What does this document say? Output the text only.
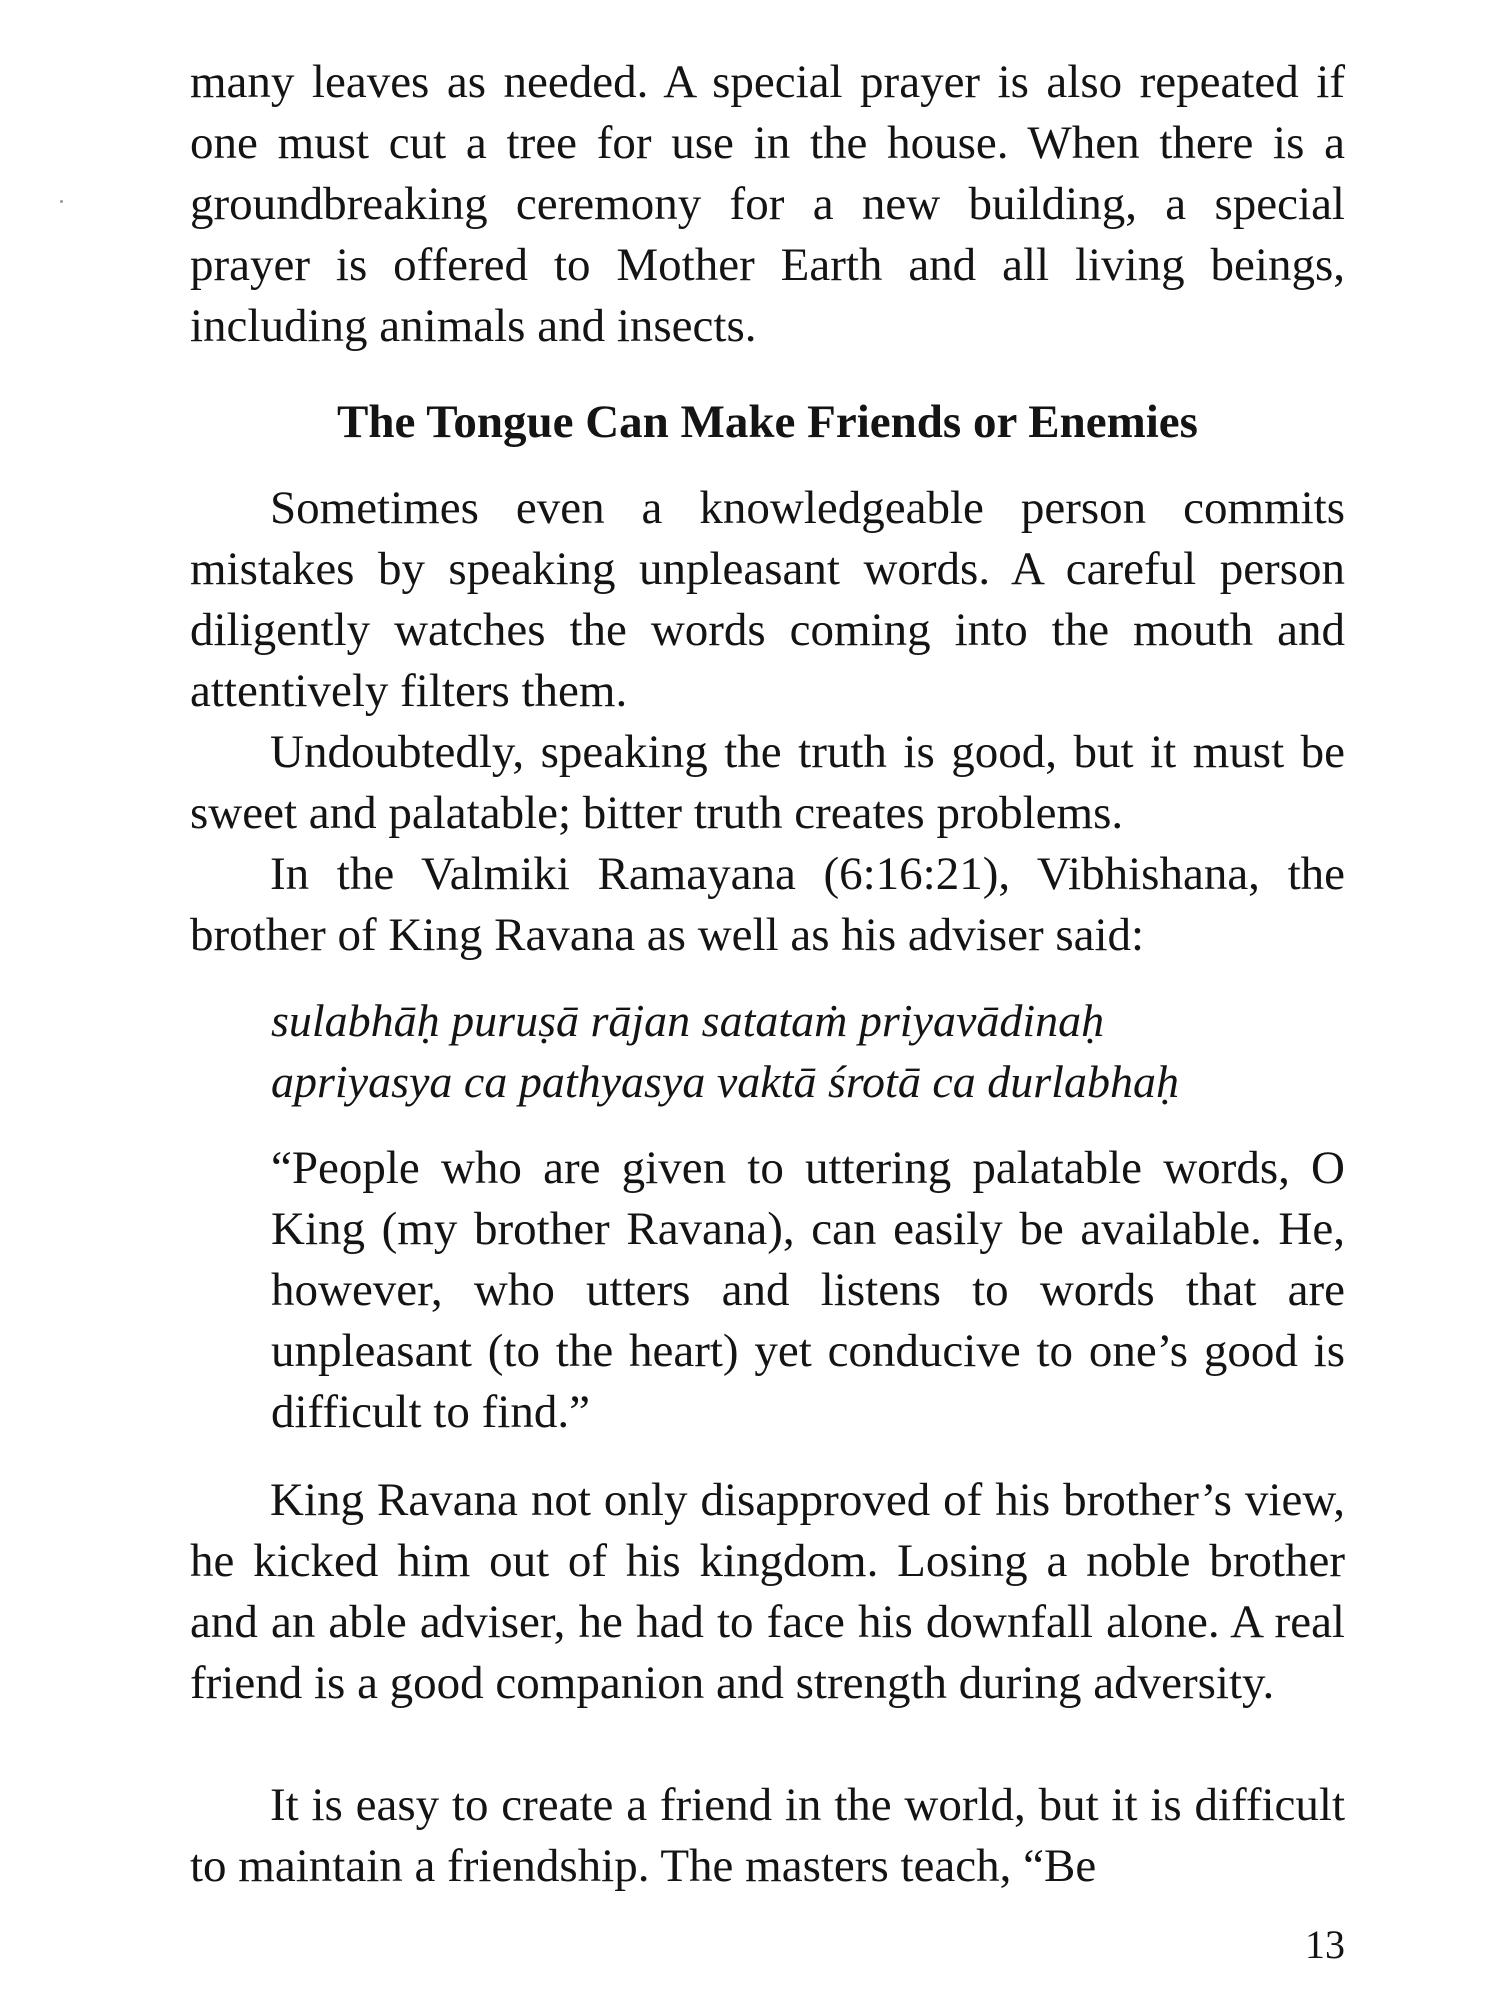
many leaves as needed. A special prayer is also repeated if one must cut a tree for use in the house. When there is a groundbreaking ceremony for a new building, a special prayer is offered to Mother Earth and all living beings, including animals and insects.

The Tongue Can Make Friends or Enemies

Sometimes even a knowledgeable person commits mistakes by speaking unpleasant words. A careful person diligently watches the words coming into the mouth and attentively filters them.

Undoubtedly, speaking the truth is good, but it must be sweet and palatable; bitter truth creates problems.

In the Valmiki Ramayana (6:16:21), Vibhishana, the brother of King Ravana as well as his adviser said:

sulabhāḥ puruṣā rājan satataṁ priyavādinaḥ

apriyasya ca pathyasya vaktā śrotā ca durlabhaḥ

“People who are given to uttering palatable words, O King (my brother Ravana), can easily be available. He, however, who utters and listens to words that are unpleasant (to the heart) yet conducive to one’s good is difficult to find.”

King Ravana not only disapproved of his brother’s view, he kicked him out of his kingdom. Losing a noble brother and an able adviser, he had to face his downfall alone. A real friend is a good companion and strength during adversity.

It is easy to create a friend in the world, but it is difficult to maintain a friendship. The masters teach, “Be

13
